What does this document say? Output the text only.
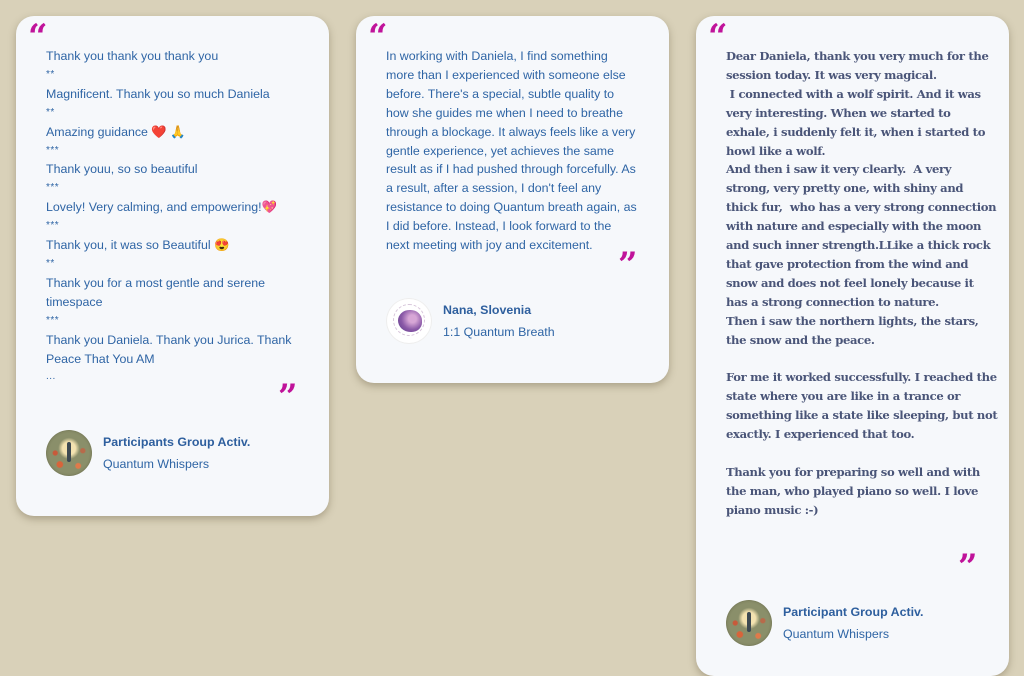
“
Thank you thank you thank you
**
Magnificent. Thank you so much Daniela
**
Amazing guidance ❤️ 🙏
***
Thank youu, so so beautiful
***
Lovely! Very calming, and empowering!💖
***
Thank you, it was so Beautiful 😍
**
Thank you for a most gentle and serene
timespace
***
Thank you Daniela. Thank you Jurica. Thank
Peace That You AM
...
”
Participants Group Activ.
Quantum Whispers
“
In working with Daniela, I find something
more than I experienced with someone else
before. There's a special, subtle quality to
how she guides me when I need to breathe
through a blockage. It always feels like a very
gentle experience, yet achieves the same
result as if I had pushed through forcefully. As
a result, after a session, I don't feel any
resistance to doing Quantum breath again, as
I did before. Instead, I look forward to the
next meeting with joy and excitement. ”
Nana, Slovenia
1:1 Quantum Breath
“
Dear Daniela, thank you very much for the
session today. It was very magical.
I connected with a wolf spirit. And it was
very interesting. When we started to
exhale, i suddenly felt it, when i started to
howl like a wolf.
And then i saw it very clearly.  A very
strong, very pretty one, with shiny and
thick fur,  who has a very strong connection
with nature and especially with the moon
and such inner strength.LLike a thick rock
that gave protection from the wind and
snow and does not feel lonely because it
has a strong connection to nature.
Then i saw the northern lights, the stars,
the snow and the peace.
For me it worked successfully. I reached the
state where you are like in a trance or
something like a state like sleeping, but not
exactly. I experienced that too.
Thank you for preparing so well and with
the man, who played piano so well. I love
piano music :-)
”
Participant Group Activ.
Quantum Whispers
